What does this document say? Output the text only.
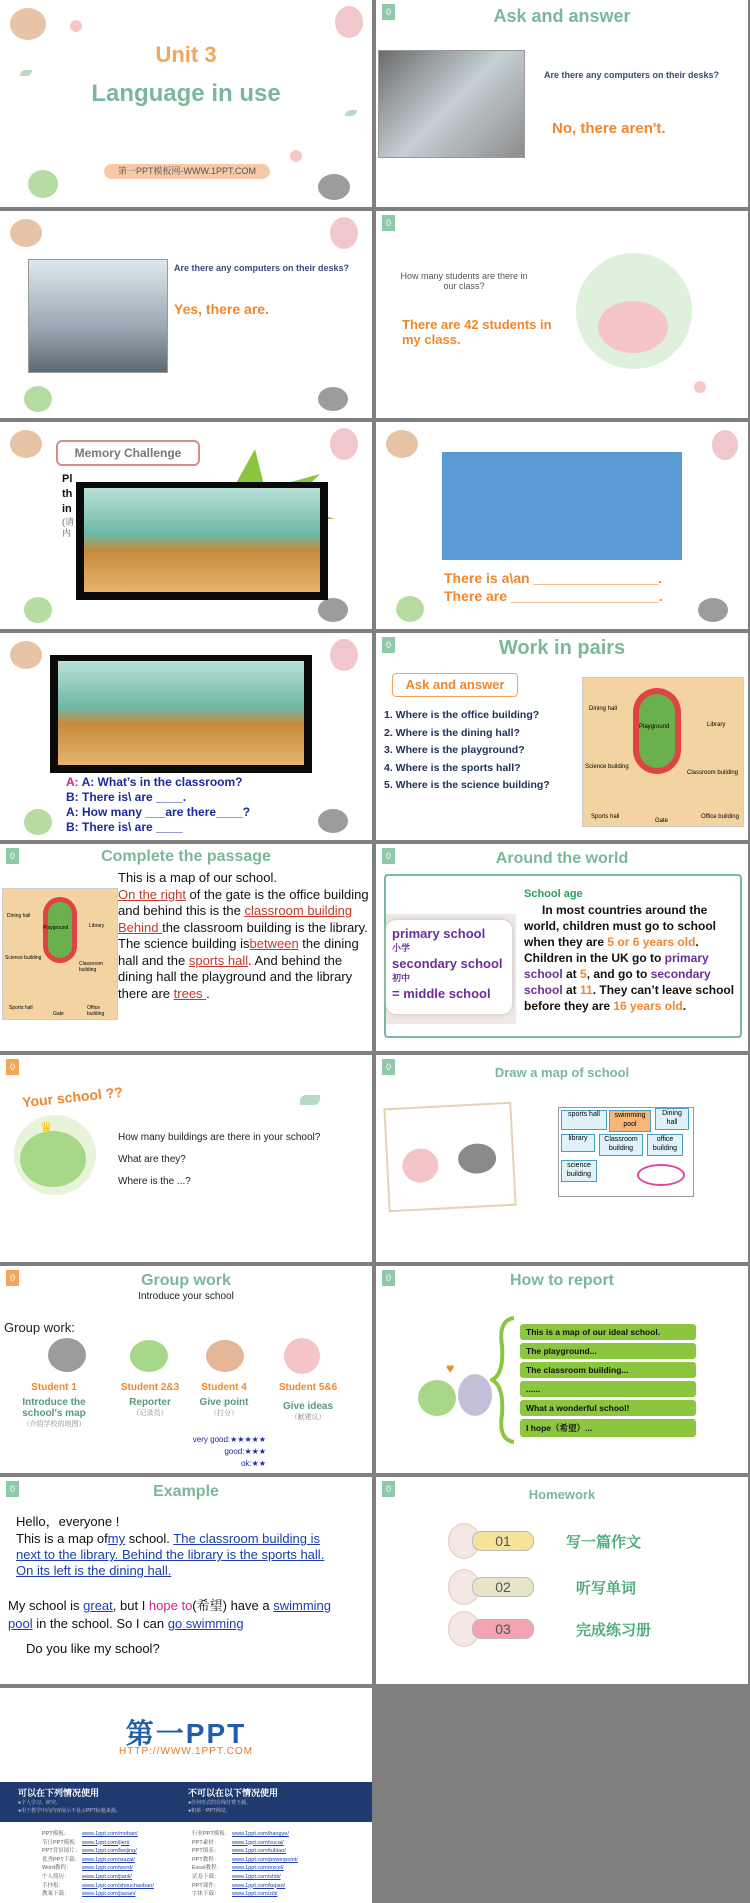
Unit 3
Language in use
第一PPT模板网-WWW.1PPT.COM
0	Ask and answer
Are there any computers on their desks?
No, there aren't.
Are there any computers on their desks?
Yes, there are.
0
How many students are there in our class?
There are 42 students in my class.
Memory Challenge
Pl
th
in
(请
内
There is a\an ________________.
There are ___________________.
A: A: What’s in the classroom?
B: There is\ are ____.
A: How many ___are there____?
B: There is\ are ____
0	Work in pairs
Ask and answer
1. Where is the office building?
2. Where is the dining hall?
3. Where is the playground?
4. Where is the sports hall?
5. Where is the science building?
Dining hall
Library
Playground
Science building
Classroom building
Sports hall
Gate
Office building
0	Complete the passage
Dining hall
Playground	Library
Science building
Classroom building
Sports hall	Office building
Gate
This is a map of our school.
On the right of the gate is the office building and behind this is the classroom building
Behind the classroom building is the library. The science building isbetween the dining hall and the sports hall. And behind the dining hall the playground and the library there are trees .
0	Around the world
primary school
小学
secondary school
初中
= middle school
School age
In most countries around the world, children must go to school when they are 5 or 6 years old. Children in the UK go to primary school at 5, and go to secondary school at 11. They can’t leave school before they are 16 years old.
0
Your school ??
♛
How many buildings are there in your school?
What are they?
Where is the ...?
0	Draw a map of school
sports hall	swimming pool
Dining hall
library	Classroom building
office building
science building
0	Group work
Introduce your school
Group work:
Student 1
Introduce the school's map
（介绍学校的地图）
Student 2&3
Reporter
（记录员）
Student 4
Give point
（打分）
Student 5&6
Give ideas
（献建议）
very good:★★★★★
good:★★★
ok:★★
0	How to report
♥
This is a map of our ideal school.
The playground...
The classroom building...
......
What a wonderful school!
I hope（希望）...
0	Example
Hello，everyone !
This is a map ofmy school. The classroom building is next to the library. Behind the library is the sports hall. On its left is the dining hall.
My school is great, but I hope to(希望) have a swimming pool in the school. So I can go swimming
Do you like my school?
0	Homework
01	写一篇作文
02	听写单词
03	完成练习册
第一PPT
HTTP://WWW.1PPT.COM
可以在下列情况使用
●个人学习、研究。
●用于教学中向内容展示不显示PPT标题来源。
不可以在以下情况使用
●任何形式的在线付费下载。
●和第一PPT网站。
PPT模板： www.1ppt.com/moban/
节日PPT模板： www.1ppt.com/jieri/
PPT背景图片： www.1ppt.com/beijing/
优秀PPT下载： www.1ppt.com/xiazai/
Word教程： www.1ppt.com/word/
个人简历： www.1ppt.com/jianli/
手抄报：	www.1ppt.com/shouchaobao/
教案下载： www.1ppt.com/jiaoan/
行业PPT模板： www.1ppt.com/hangye/
PPT素材： www.1ppt.com/sucai/
PPT图表： www.1ppt.com/tubiao/
PPT教程： www.1ppt.com/powerpoint/
Excel教程： www.1ppt.com/excel/
试卷下载： www.1ppt.com/shiti/
PPT课件： www.1ppt.com/kejian/
字体下载： www.1ppt.com/ziti/
